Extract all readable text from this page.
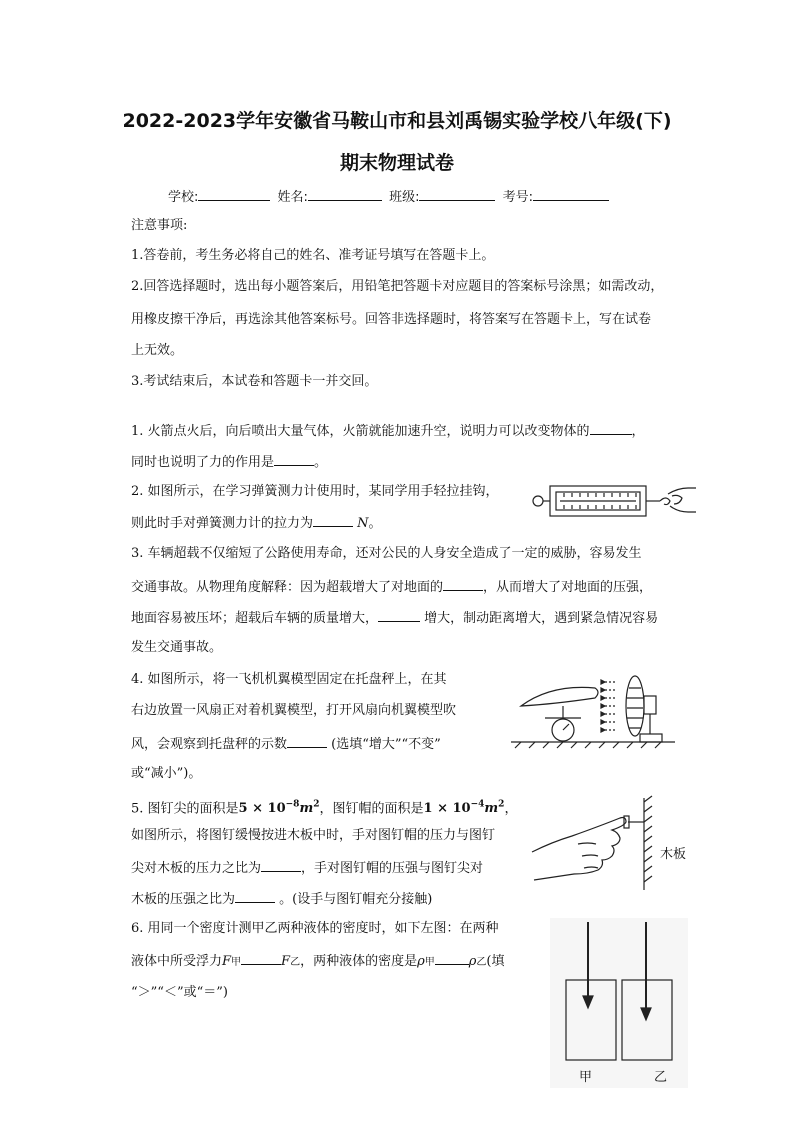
2022-2023学年安徽省马鞍山市和县刘禹锡实验学校八年级(下)
期末物理试卷
学校:	姓名:	班级:	考号:
注意事项:
1.答卷前，考生务必将自己的姓名、准考证号填写在答题卡上。
2.回答选择题时，选出每小题答案后，用铅笔把答题卡对应题目的答案标号涂黑；如需改动，
用橡皮擦干净后，再选涂其他答案标号。回答非选择题时，将答案写在答题卡上，写在试卷
上无效。
3.考试结束后，本试卷和答题卡一并交回。
1. 火箭点火后，向后喷出大量气体，火箭就能加速升空，说明力可以改变物体的	，
同时也说明了力的作用是	。
2. 如图所示，在学习弹簧测力计使用时，某同学用手轻拉挂钩，
则此时手对弹簧测力计的拉力为	N。
3. 车辆超载不仅缩短了公路使用寿命，还对公民的人身安全造成了一定的威胁，容易发生
交通事故。从物理角度解释：因为超载增大了对地面的	，从而增大了对地面的压强，
地面容易被压坏；超载后车辆的质量增大，	增大，制动距离增大，遇到紧急情况容易
发生交通事故。
4. 如图所示，将一飞机机翼模型固定在托盘秤上，在其
右边放置一风扇正对着机翼模型，打开风扇向机翼模型吹
风，会观察到托盘秤的示数	(选填“增大”“不变”
或“减小”)。
5. 图钉尖的面积是$5 \times 10^{-8}m^2$，图钉帽的面积是$1 \times 10^{-4}m^2$，
如图所示，将图钉缓慢按进木板中时，手对图钉帽的压力与图钉
尖对木板的压力之比为	，手对图钉帽的压强与图钉尖对
木板的压强之比为	。(设手与图钉帽充分接触)
木板
6. 用同一个密度计测甲乙两种液体的密度时，如下左图：在两种
液体中所受浮力F甲	F乙，两种液体的密度是ρ甲	ρ乙(填
“＞”“＜”或“＝”)
甲	乙
